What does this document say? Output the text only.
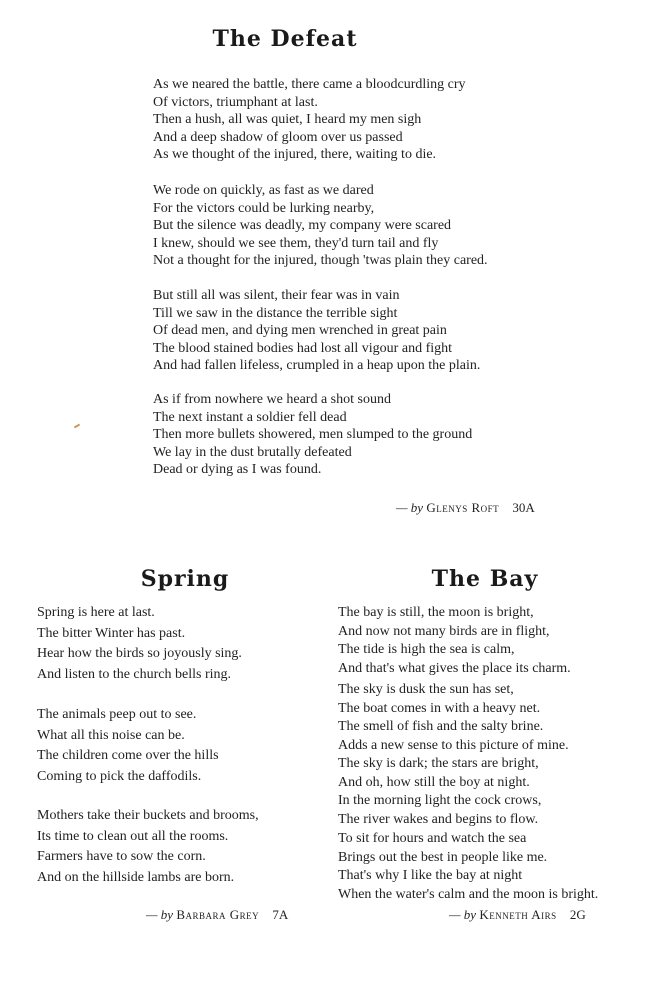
The Defeat
As we neared the battle, there came a bloodcurdling cry
Of victors, triumphant at last.
Then a hush, all was quiet, I heard my men sigh
And a deep shadow of gloom over us passed
As we thought of the injured, there, waiting to die.
We rode on quickly, as fast as we dared
For the victors could be lurking nearby,
But the silence was deadly, my company were scared
I knew, should we see them, they'd turn tail and fly
Not a thought for the injured, though 'twas plain they cared.
But still all was silent, their fear was in vain
Till we saw in the distance the terrible sight
Of dead men, and dying men wrenched in great pain
The blood stained bodies had lost all vigour and fight
And had fallen lifeless, crumpled in a heap upon the plain.
As if from nowhere we heard a shot sound
The next instant a soldier fell dead
Then more bullets showered, men slumped to the ground
We lay in the dust brutally defeated
Dead or dying as I was found.
— by Glenys Roft 30A
Spring
Spring is here at last.
The bitter Winter has past.
Hear how the birds so joyously sing.
And listen to the church bells ring.
The animals peep out to see.
What all this noise can be.
The children come over the hills
Coming to pick the daffodils.
Mothers take their buckets and brooms,
Its time to clean out all the rooms.
Farmers have to sow the corn.
And on the hillside lambs are born.
— by Barbara Grey 7A
The Bay
The bay is still, the moon is bright,
And now not many birds are in flight,
The tide is high the sea is calm,
And that's what gives the place its charm.
The sky is dusk the sun has set,
The boat comes in with a heavy net.
The smell of fish and the salty brine.
Adds a new sense to this picture of mine.
The sky is dark; the stars are bright,
And oh, how still the boy at night.
In the morning light the cock crows,
The river wakes and begins to flow.
To sit for hours and watch the sea
Brings out the best in people like me.
That's why I like the bay at night
When the water's calm and the moon is bright.
— by Kenneth Airs 2G
